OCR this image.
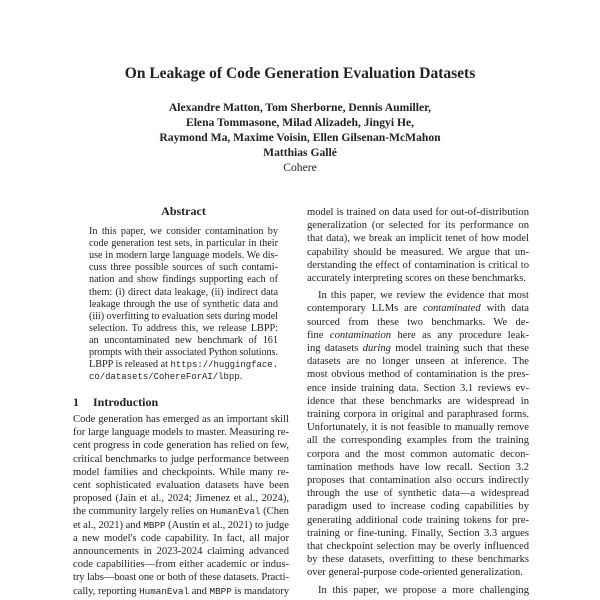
On Leakage of Code Generation Evaluation Datasets
Alexandre Matton, Tom Sherborne, Dennis Aumiller,
Elena Tommasone, Milad Alizadeh, Jingyi He,
Raymond Ma, Maxime Voisin, Ellen Gilsenan-McMahon
Matthias Gallé
Cohere
Abstract
1 Introduction
In this paper, we consider contamination by
code generation test sets, in particular in their
use in modern large language models. We dis-
cuss three possible sources of such contami-
nation and show findings supporting each of
them: (i) direct data leakage, (ii) indirect data
leakage through the use of synthetic data and
(iii) overfitting to evaluation sets during model
selection. To address this, we release LBPP:
an uncontaminated new benchmark of 161
prompts with their associated Python solutions.
LBPP is released at https://huggingface.
co/datasets/CohereForAI/lbpp.
Code generation has emerged as an important skill
for large language models to master. Measuring re-
cent progress in code generation has relied on few,
critical benchmarks to judge performance between
model families and checkpoints. While many re-
cent sophisticated evaluation datasets have been
proposed (Jain et al., 2024; Jimenez et al., 2024),
the community largely relies on HumanEval (Chen
et al., 2021) and MBPP (Austin et al., 2021) to judge
a new model's code capability. In fact, all major
announcements in 2023-2024 claiming advanced
code capabilities—from either academic or indus-
try labs—boast one or both of these datasets. Practi-
cally, reporting HumanEval and MBPP is mandatory
model is trained on data used for out-of-distribution
generalization (or selected for its performance on
that data), we break an implicit tenet of how model
capability should be measured. We argue that un-
derstanding the effect of contamination is critical to
accurately interpreting scores on these benchmarks.
In this paper, we review the evidence that most
contemporary LLMs are contaminated with data
sourced from these two benchmarks. We de-
fine contamination here as any procedure leak-
ing datasets during model training such that these
datasets are no longer unseen at inference. The
most obvious method of contamination is the pres-
ence inside training data. Section 3.1 reviews ev-
idence that these benchmarks are widespread in
training corpora in original and paraphrased forms.
Unfortunately, it is not feasible to manually remove
all the corresponding examples from the training
corpora and the most common automatic decon-
tamination methods have low recall. Section 3.2
proposes that contamination also occurs indirectly
through the use of synthetic data—a widespread
paradigm used to increase coding capabilities by
generating additional code training tokens for pre-
training or fine-tuning. Finally, Section 3.3 argues
that checkpoint selection may be overly influenced
by these datasets, overfitting to these benchmarks
over general-purpose code-oriented generalization.
In this paper, we propose a more challenging
